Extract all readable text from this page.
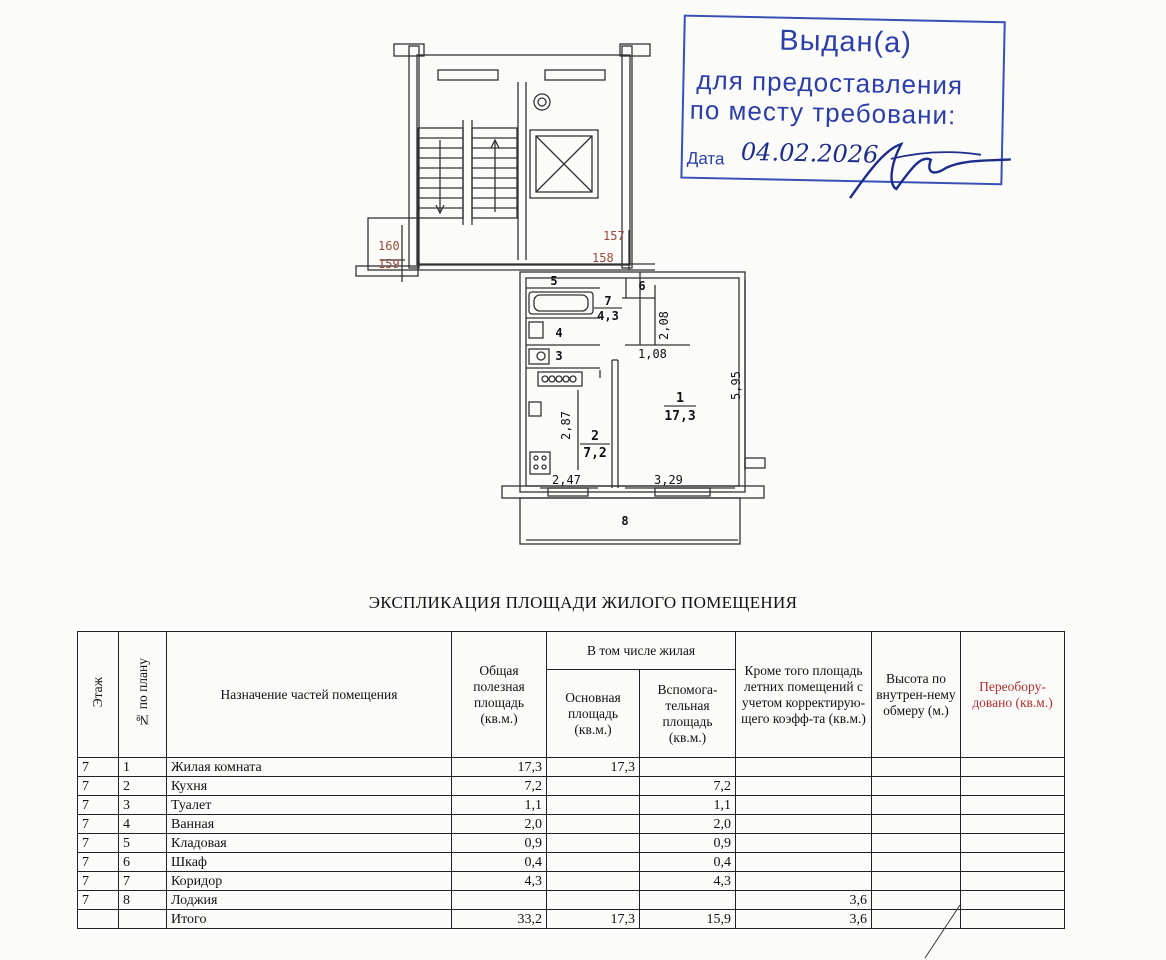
1
17,3
2
7,2
3
4
5	6
7
4,3
8
2,08
1,08
5,95
2,87
2,47	3,29
157
158
160
159
Выдан(а)
для предоставления
по месту требовани:
Дата 04.02.2026
ЭКСПЛИКАЦИЯ ПЛОЩАДИ ЖИЛОГО ПОМЕЩЕНИЯ
Этаж	№ по плану	Назначение частей помещения	Общая полезная площадь (кв.м.)	В том числе жилая		Кроме того площадь летних помещений с учетом корректирую-щего коэфф-та (кв.м.)	Высота по внутрен-нему обмеру (м.)	Переобору-довано (кв.м.)
				Основная площадь (кв.м.)	Вспомога-тельная площадь (кв.м.)			
7	1	Жилая комната	17,3	17,3				
7	2	Кухня	7,2		7,2			
7	3	Туалет	1,1		1,1			
7	4	Ванная	2,0		2,0			
7	5	Кладовая	0,9		0,9			
7	6	Шкаф	0,4		0,4			
7	7	Коридор	4,3		4,3			
7	8	Лоджия				3,6		
		Итого	33,2	17,3	15,9	3,6		
